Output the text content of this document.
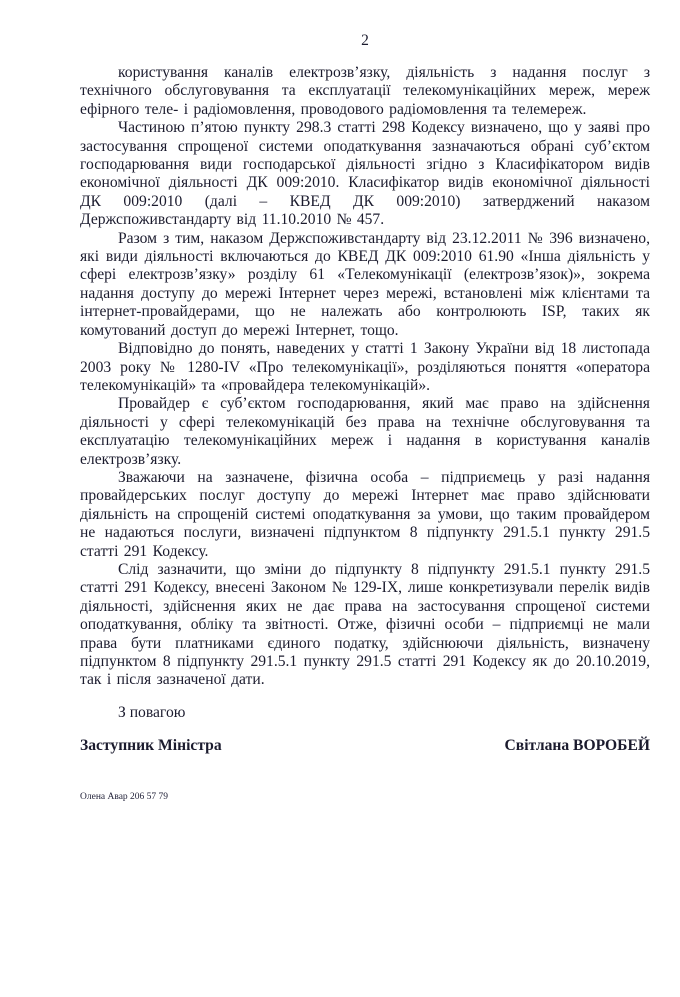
2

користування каналів електрозв’язку, діяльність з надання послуг з технічного обслуговування та експлуатації телекомунікаційних мереж, мереж ефірного теле- і радіомовлення, проводового радіомовлення та телемереж.

Частиною п’ятою пункту 298.3 статті 298 Кодексу визначено, що у заяві про застосування спрощеної системи оподаткування зазначаються обрані суб’єктом господарювання види господарської діяльності згідно з Класифікатором видів економічної діяльності ДК 009:2010. Класифікатор видів економічної діяльності ДК 009:2010 (далі – КВЕД ДК 009:2010) затверджений наказом Держспоживстандарту від 11.10.2010 № 457.

Разом з тим, наказом Держспоживстандарту від 23.12.2011 № 396 визначено, які види діяльності включаються до КВЕД ДК 009:2010 61.90 «Інша діяльність у сфері електрозв’язку» розділу 61 «Телекомунікації (електрозв’язок)», зокрема надання доступу до мережі Інтернет через мережі, встановлені між клієнтами та інтернет-провайдерами, що не належать або контролюють ISP, таких як комутований доступ до мережі Інтернет, тощо.

Відповідно до понять, наведених у статті 1 Закону України від 18 листопада 2003 року № 1280-IV «Про телекомунікації», розділяються поняття «оператора телекомунікацій» та «провайдера телекомунікацій».

Провайдер є суб’єктом господарювання, який має право на здійснення діяльності у сфері телекомунікацій без права на технічне обслуговування та експлуатацію телекомунікаційних мереж і надання в користування каналів електрозв’язку.

Зважаючи на зазначене, фізична особа – підприємець у разі надання провайдерських послуг доступу до мережі Інтернет має право здійснювати діяльність на спрощеній системі оподаткування за умови, що таким провайдером не надаються послуги, визначені підпунктом 8 підпункту 291.5.1 пункту 291.5 статті 291 Кодексу.

Слід зазначити, що зміни до підпункту 8 підпункту 291.5.1 пункту 291.5 статті 291 Кодексу, внесені Законом № 129-IX, лише конкретизували перелік видів діяльності, здійснення яких не дає права на застосування спрощеної системи оподаткування, обліку та звітності. Отже, фізичні особи – підприємці не мали права бути платниками єдиного податку, здійснюючи діяльність, визначену підпунктом 8 підпункту 291.5.1 пункту 291.5 статті 291 Кодексу як до 20.10.2019, так і після зазначеної дати.

З повагою
Заступник Міністра	Світлана ВОРОБЕЙ
Олена Авар 206 57 79
